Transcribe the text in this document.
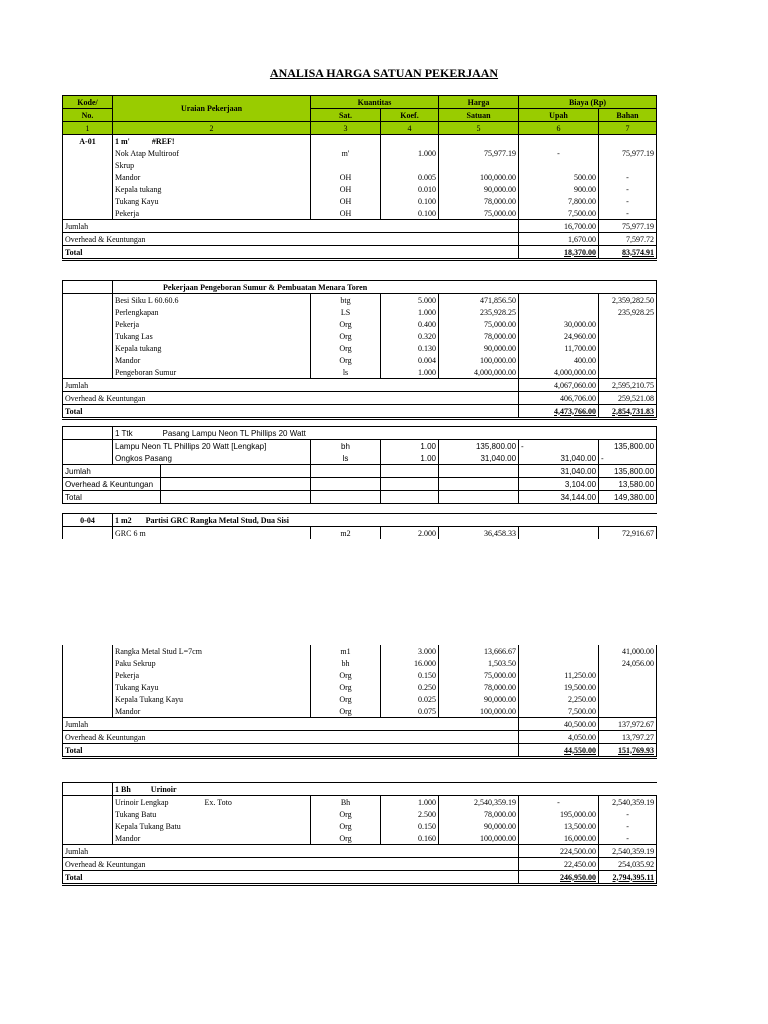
ANALISA HARGA SATUAN PEKERJAAN
Kode/	Uraian Pekerjaan	Kuantitas		Harga	Biaya (Rp)	
No.		Sat.	Koef.	Satuan	Upah	Bahan
1	2	3	4	5	6	7
A-01	1 m' #REF!					
	Nok Atap Multiroof	m'	1.000	75,977.19	-	75,977.19
	Skrup					
	Mandor	OH	0.005	100,000.00	500.00	-
	Kepala tukang	OH	0.010	90,000.00	900.00	-
	Tukang Kayu	OH	0.100	78,000.00	7,800.00	-
	Pekerja	OH	0.100	75,000.00	7,500.00	-
Jumlah					16,700.00	75,977.19
Overhead & Keuntungan					1,670.00	7,597.72
Total					18,370.00	83,574.91
	Pekerjaan Pengeboran Sumur & Pembuatan Menara Toren					
	Besi Siku L 60.60.6	btg	5.000	471,856.50		2,359,282.50
	Perlengkapan	LS	1.000	235,928.25		235,928.25
	Pekerja	Org	0.400	75,000.00	30,000.00	
	Tukang Las	Org	0.320	78,000.00	24,960.00	
	Kepala tukang	Org	0.130	90,000.00	11,700.00	
	Mandor	Org	0.004	100,000.00	400.00	
	Pengeboran Sumur	ls	1.000	4,000,000.00	4,000,000.00	
Jumlah					4,067,060.00	2,595,210.75
Overhead & Keuntungan					406,706.00	259,521.08
Total					4,473,766.00	2,854,731.83
	1 Ttk	Pasang Lampu Neon TL Phillips 20 Watt					
	Lampu Neon TL Phillips 20 Watt [Lengkap]		bh	1.00	135,800.00	-	135,800.00
	Ongkos Pasang		ls	1.00	31,040.00	31,040.00	-
Jumlah						31,040.00	135,800.00
Overhead & Keuntungan						3,104.00	13,580.00
Total						34,144.00	149,380.00
0-04	1 m2 Partisi GRC Rangka Metal Stud, Dua Sisi					
	GRC 6 m	m2	2.000	36,458.33		72,916.67
	Rangka Metal Stud L=7cm	m1	3.000	13,666.67		41,000.00
	Paku Sekrup	bh	16.000	1,503.50		24,056.00
	Pekerja	Org	0.150	75,000.00	11,250.00	
	Tukang Kayu	Org	0.250	78,000.00	19,500.00	
	Kepala Tukang Kayu	Org	0.025	90,000.00	2,250.00	
	Mandor	Org	0.075	100,000.00	7,500.00	
Jumlah					40,500.00	137,972.67
Overhead & Keuntungan					4,050.00	13,797.27
Total					44,550.00	151,769.93
	1 Bh Urinoir					
	Urinoir Lengkap Ex. Toto	Bh	1.000	2,540,359.19	-	2,540,359.19
	Tukang Batu	Org	2.500	78,000.00	195,000.00	-
	Kepala Tukang Batu	Org	0.150	90,000.00	13,500.00	-
	Mandor	Org	0.160	100,000.00	16,000.00	-
Jumlah					224,500.00	2,540,359.19
Overhead & Keuntungan					22,450.00	254,035.92
Total					246,950.00	2,794,395.11
